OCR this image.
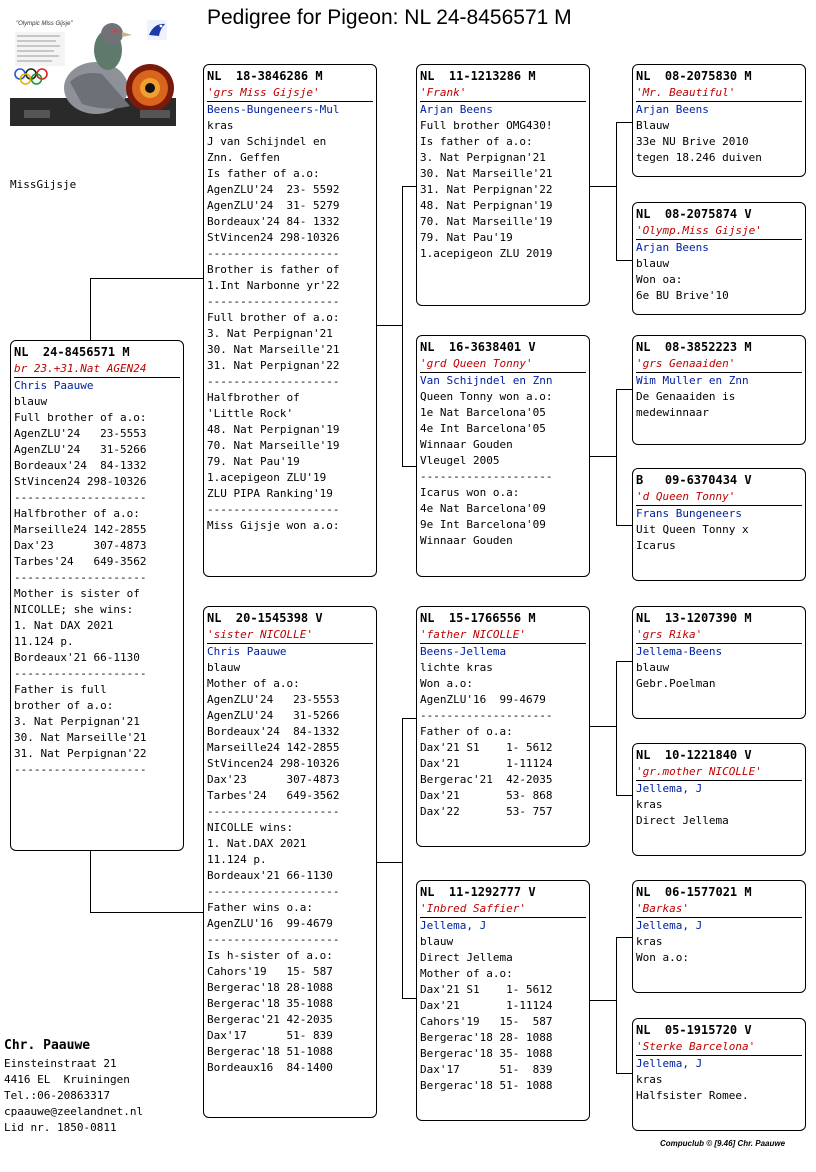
Pedigree for Pigeon: NL 24-8456571 M
"Olympic Miss Gijsje"
MissGijsje
NL  24-8456571 M
br 23.+31.Nat AGEN24
Chris Paauwe
blauw
Full brother of a.o:
AgenZLU'24   23-5553
AgenZLU'24   31-5266
Bordeaux'24  84-1332
StVincen24 298-10326
--------------------
Halfbrother of a.o:
Marseille24 142-2855
Dax'23      307-4873
Tarbes'24   649-3562
--------------------
Mother is sister of
NICOLLE; she wins:
1. Nat DAX 2021
11.124 p.
Bordeaux'21 66-1130
--------------------
Father is full
brother of a.o:
3. Nat Perpignan'21
30. Nat Marseille'21
31. Nat Perpignan'22
--------------------
NL  18-3846286 M
'grs Miss Gijsje'
Beens-Bungeneers-Mul
kras
J van Schijndel en
Znn. Geffen
Is father of a.o:
AgenZLU'24  23- 5592
AgenZLU'24  31- 5279
Bordeaux'24 84- 1332
StVincen24 298-10326
--------------------
Brother is father of
1.Int Narbonne yr'22
--------------------
Full brother of a.o:
3. Nat Perpignan'21
30. Nat Marseille'21
31. Nat Perpignan'22
--------------------
Halfbrother of
'Little Rock'
48. Nat Perpignan'19
70. Nat Marseille'19
79. Nat Pau'19
1.acepigeon ZLU'19
ZLU PIPA Ranking'19
--------------------
Miss Gijsje won a.o:
NL  20-1545398 V
'sister NICOLLE'
Chris Paauwe
blauw
Mother of a.o:
AgenZLU'24   23-5553
AgenZLU'24   31-5266
Bordeaux'24  84-1332
Marseille24 142-2855
StVincen24 298-10326
Dax'23      307-4873
Tarbes'24   649-3562
--------------------
NICOLLE wins:
1. Nat.DAX 2021
11.124 p.
Bordeaux'21 66-1130
--------------------
Father wins o.a:
AgenZLU'16  99-4679
--------------------
Is h-sister of a.o:
Cahors'19   15- 587
Bergerac'18 28-1088
Bergerac'18 35-1088
Bergerac'21 42-2035
Dax'17      51- 839
Bergerac'18 51-1088
Bordeaux16  84-1400
NL  11-1213286 M
'Frank'
Arjan Beens
Full brother OMG430!
Is father of a.o:
3. Nat Perpignan'21
30. Nat Marseille'21
31. Nat Perpignan'22
48. Nat Perpignan'19
70. Nat Marseille'19
79. Nat Pau'19
1.acepigeon ZLU 2019
NL  16-3638401 V
'grd Queen Tonny'
Van Schijndel en Znn
Queen Tonny won a.o:
1e Nat Barcelona'05
4e Int Barcelona'05
Winnaar Gouden
Vleugel 2005
--------------------
Icarus won o.a:
4e Nat Barcelona'09
9e Int Barcelona'09
Winnaar Gouden
NL  15-1766556 M
'father NICOLLE'
Beens-Jellema
lichte kras
Won a.o:
AgenZLU'16  99-4679
--------------------
Father of o.a:
Dax'21 S1    1- 5612
Dax'21       1-11124
Bergerac'21  42-2035
Dax'21       53- 868
Dax'22       53- 757
NL  11-1292777 V
'Inbred Saffier'
Jellema, J
blauw
Direct Jellema
Mother of a.o:
Dax'21 S1    1- 5612
Dax'21       1-11124
Cahors'19   15-  587
Bergerac'18 28- 1088
Bergerac'18 35- 1088
Dax'17      51-  839
Bergerac'18 51- 1088
NL  08-2075830 M
'Mr. Beautiful'
Arjan Beens
Blauw
33e NU Brive 2010
tegen 18.246 duiven
NL  08-2075874 V
'Olymp.Miss Gijsje'
Arjan Beens
blauw
Won oa:
6e BU Brive'10
NL  08-3852223 M
'grs Genaaiden'
Wim Muller en Znn
De Genaaiden is
medewinnaar
B   09-6370434 V
'd Queen Tonny'
Frans Bungeneers
Uit Queen Tonny x
Icarus
NL  13-1207390 M
'grs Rika'
Jellema-Beens
blauw
Gebr.Poelman
NL  10-1221840 V
'gr.mother NICOLLE'
Jellema, J
kras
Direct Jellema
NL  06-1577021 M
'Barkas'
Jellema, J
kras
Won a.o:
NL  05-1915720 V
'Sterke Barcelona'
Jellema, J
kras
Halfsister Romee.
Chr. Paauwe
Einsteinstraat 21
4416 EL  Kruiningen
Tel.:06-20863317
cpaauwe@zeelandnet.nl
Lid nr. 1850-0811
Compuclub © [9.46] Chr. Paauwe
